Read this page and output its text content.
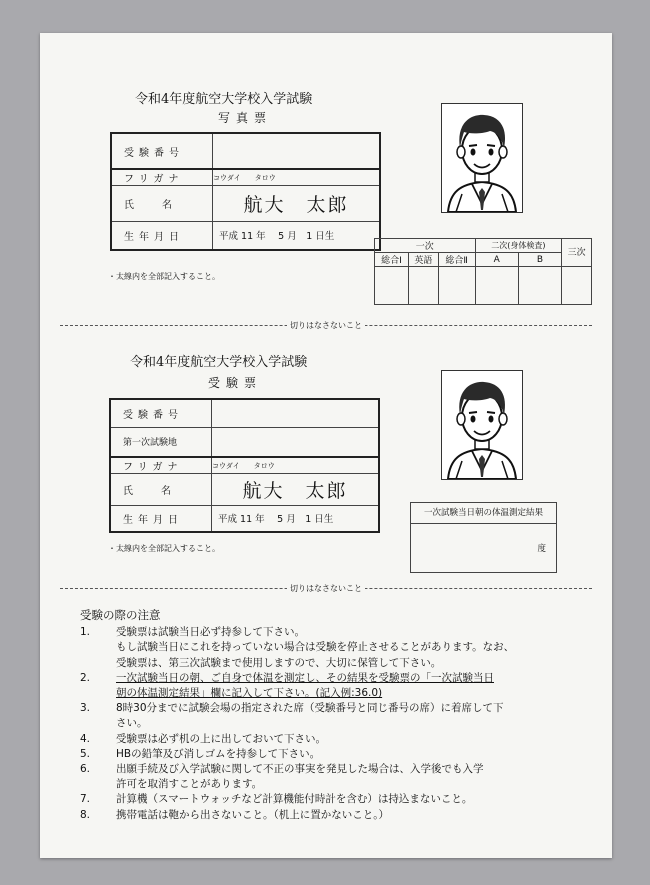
令和4年度航空大学校入学試験
写真票
受験番号	
フリガナ	コウダイ　　タロウ
氏名	航大　太郎
生年月日	平成 11 年　 5 月　1 日生
・太線内を全部記入すること。
一次			二次(身体検査)		三次
総合Ⅰ	英語	総合Ⅱ	A	B	

切りはなさないこと
令和4年度航空大学校入学試験
受験票
受験番号	
第一次試験地	
フリガナ	コウダイ　　タロウ
氏名	航大　太郎
生年月日	平成 11 年　 5 月　1 日生
・太線内を全部記入すること。
一次試験当日朝の体温測定結果
度
切りはなさないこと
受験の際の注意
1.	受験票は試験当日必ず持参して下さい。
もし試験当日にこれを持っていない場合は受験を停止させることがあります。なお、
受験票は、第三次試験まで使用しますので、大切に保管して下さい。
2.	一次試験当日の朝、ご自身で体温を測定し、その結果を受験票の「一次試験当日
朝の体温測定結果」欄に記入して下さい。(記入例:36.0)
3.	8時30分までに試験会場の指定された席（受験番号と同じ番号の席）に着席して下
さい。
4.	受験票は必ず机の上に出しておいて下さい。
5.	HBの鉛筆及び消しゴムを持参して下さい。
6.	出願手続及び入学試験に関して不正の事実を発見した場合は、入学後でも入学
許可を取消すことがあります。
7.	計算機（スマートウォッチなど計算機能付時計を含む）は持込まないこと。
8.	携帯電話は鞄から出さないこと。（机上に置かないこと。）
